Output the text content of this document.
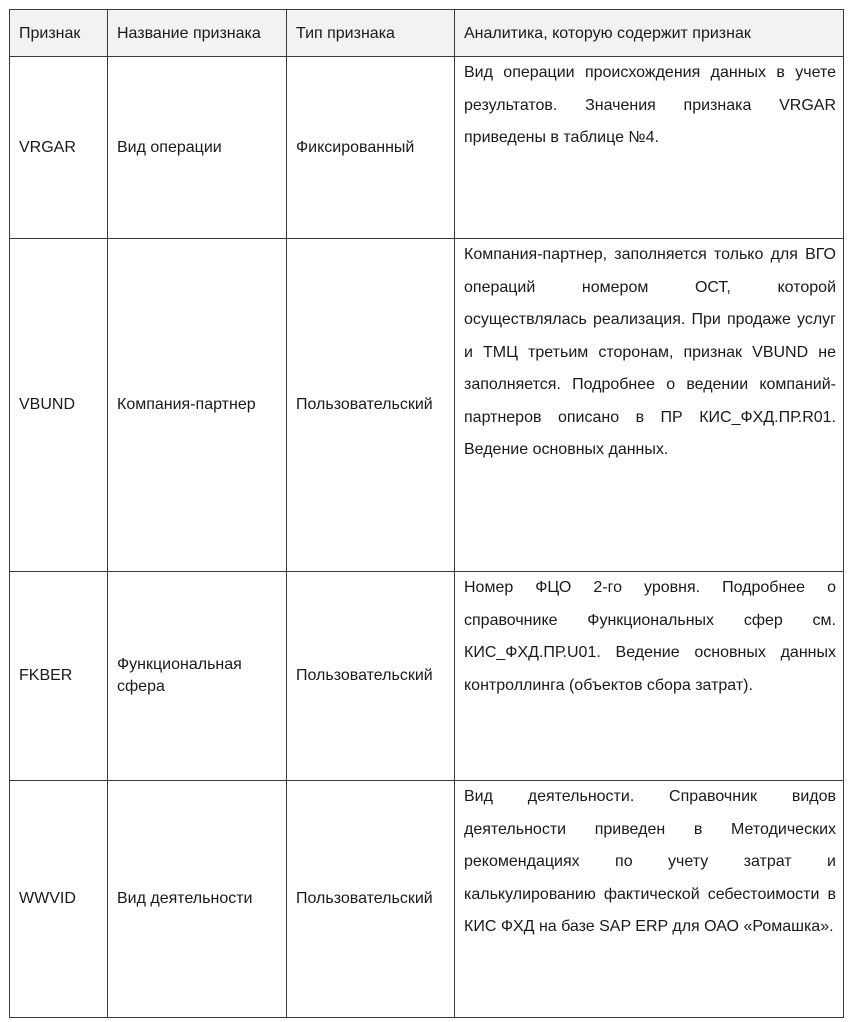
Признак	Название признака	Тип признака	Аналитика, которую содержит признак
VRGAR	Вид операции	Фиксированный	Вид операции происхождения данных в учете результатов. Значения признака VRGAR приведены в таблице №4.
VBUND	Компания-партнер	Пользовательский	Компания-партнер, заполняется только для ВГО операций номером ОСТ, которой осуществлялась реализация. При продаже услуг и ТМЦ третьим сторонам, признак VBUND не заполняется. Подробнее о ведении компаний-партнеров описано в ПР КИС_ФХД.ПР.R01. Ведение основных данных.
FKBER	Функциональная сфера	Пользовательский	Номер ФЦО 2-го уровня. Подробнее о справочнике Функциональных сфер см. КИС_ФХД.ПР.U01. Ведение основных данных контроллинга (объектов сбора затрат).
WWVID	Вид деятельности	Пользовательский	Вид деятельности. Справочник видов деятельности приведен в Методических рекомендациях по учету затрат и калькулированию фактической себестоимости в КИС ФХД на базе SAP ERP для ОАО «Ромашка».
